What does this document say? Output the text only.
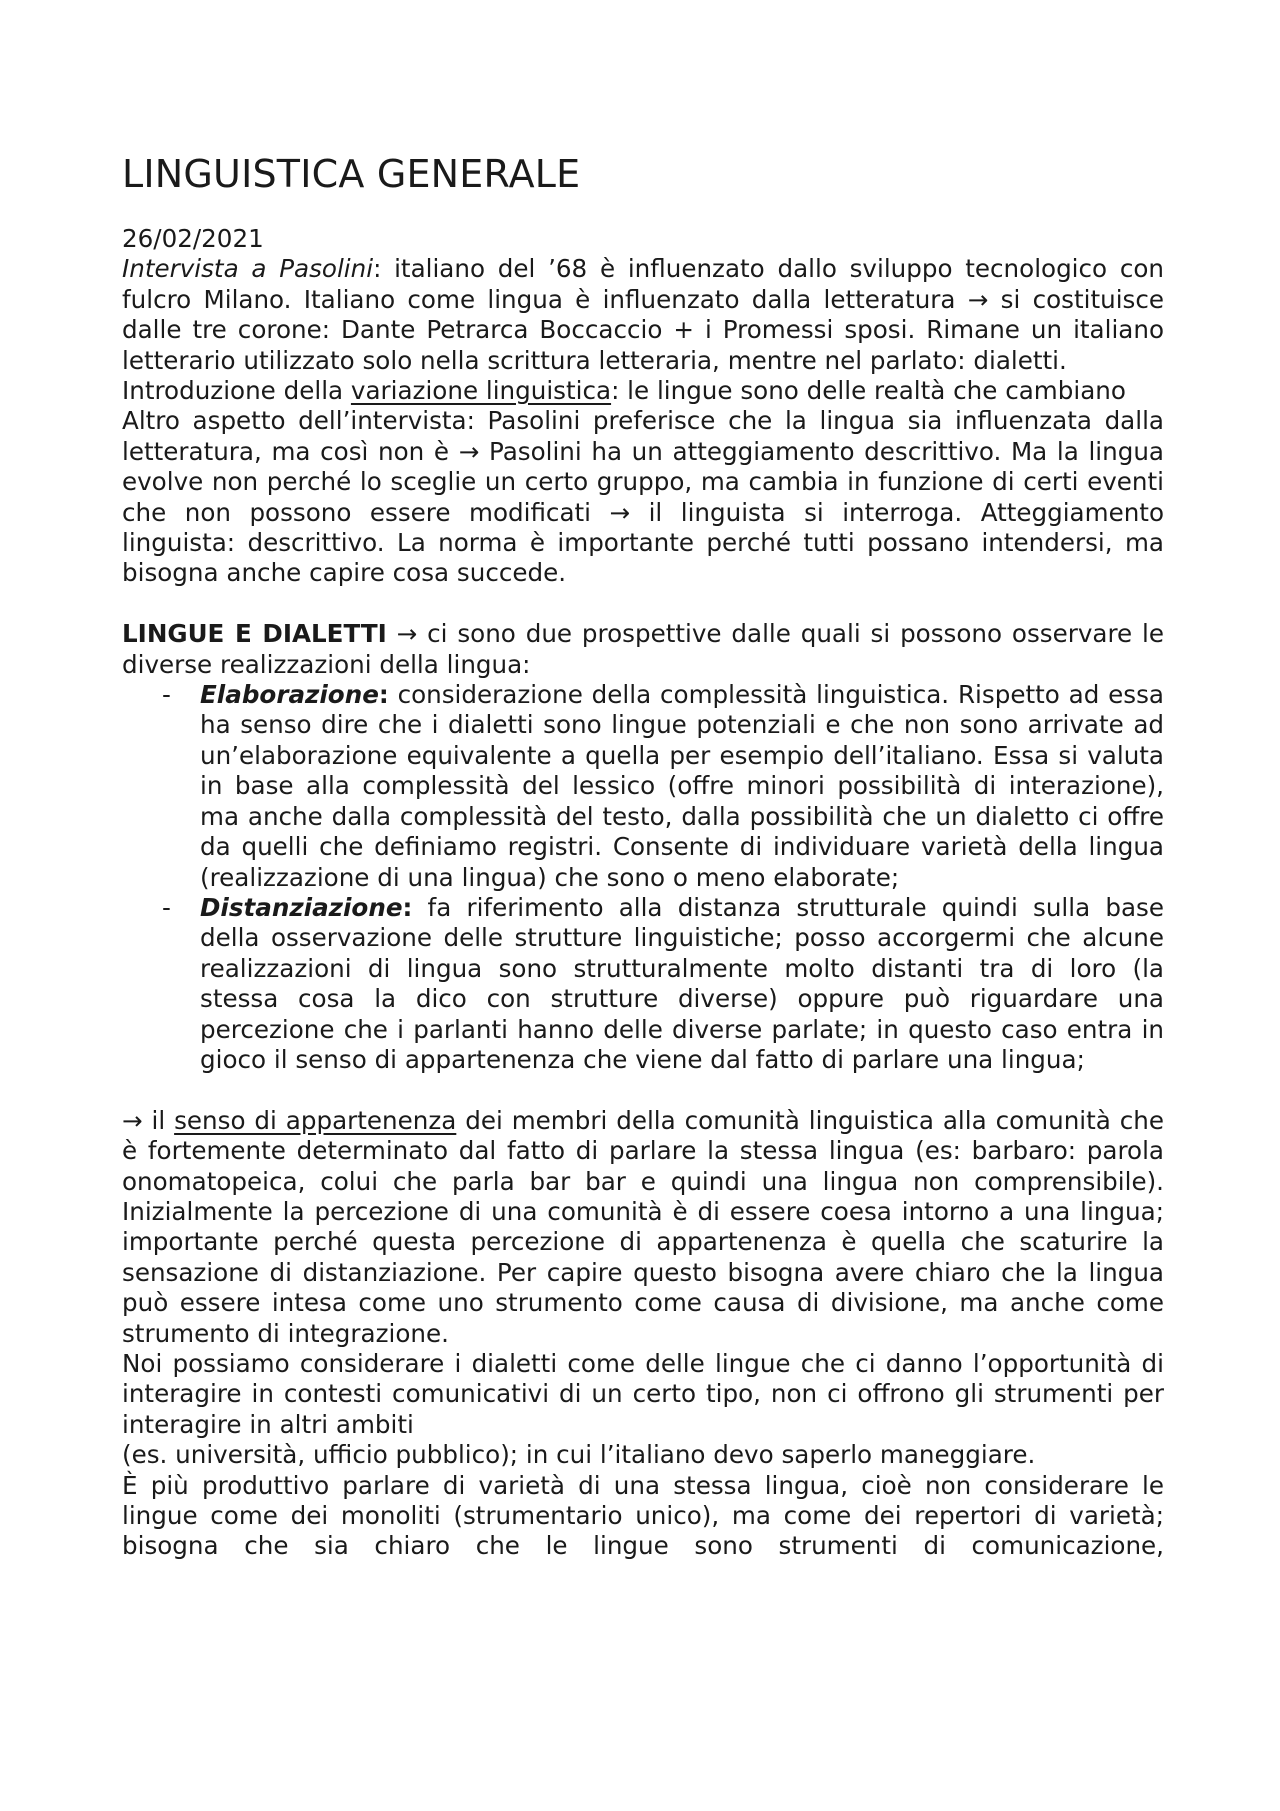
LINGUISTICA GENERALE

26/02/2021

Intervista a Pasolini: italiano del ’68 è influenzato dallo sviluppo tecnologico con fulcro Milano. Italiano come lingua è influenzato dalla letteratura → si costituisce dalle tre corone: Dante Petrarca Boccaccio + i Promessi sposi. Rimane un italiano letterario utilizzato solo nella scrittura letteraria, mentre nel parlato: dialetti.

Introduzione della variazione linguistica: le lingue sono delle realtà che cambiano

Altro aspetto dell’intervista: Pasolini preferisce che la lingua sia influenzata dalla letteratura, ma così non è → Pasolini ha un atteggiamento descrittivo. Ma la lingua evolve non perché lo sceglie un certo gruppo, ma cambia in funzione di certi eventi che non possono essere modificati → il linguista si interroga. Atteggiamento linguista: descrittivo. La norma è importante perché tutti possano intendersi, ma bisogna anche capire cosa succede.

LINGUE E DIALETTI → ci sono due prospettive dalle quali si possono osservare le diverse realizzazioni della lingua:

- Elaborazione: considerazione della complessità linguistica. Rispetto ad essa ha senso dire che i dialetti sono lingue potenziali e che non sono arrivate ad un’elaborazione equivalente a quella per esempio dell’italiano. Essa si valuta in base alla complessità del lessico (offre minori possibilità di interazione), ma anche dalla complessità del testo, dalla possibilità che un dialetto ci offre da quelli che definiamo registri. Consente di individuare varietà della lingua (realizzazione di una lingua) che sono o meno elaborate;
- Distanziazione: fa riferimento alla distanza strutturale quindi sulla base della osservazione delle strutture linguistiche; posso accorgermi che alcune realizzazioni di lingua sono strutturalmente molto distanti tra di loro (la stessa cosa la dico con strutture diverse) oppure può riguardare una percezione che i parlanti hanno delle diverse parlate; in questo caso entra in gioco il senso di appartenenza che viene dal fatto di parlare una lingua;

→ il senso di appartenenza dei membri della comunità linguistica alla comunità che è fortemente determinato dal fatto di parlare la stessa lingua (es: barbaro: parola onomatopeica, colui che parla bar bar e quindi una lingua non comprensibile). Inizialmente la percezione di una comunità è di essere coesa intorno a una lingua; importante perché questa percezione di appartenenza è quella che scaturire la sensazione di distanziazione. Per capire questo bisogna avere chiaro che la lingua può essere intesa come uno strumento come causa di divisione, ma anche come strumento di integrazione.

Noi possiamo considerare i dialetti come delle lingue che ci danno l’opportunità di interagire in contesti comunicativi di un certo tipo, non ci offrono gli strumenti per interagire in altri ambiti

(es. università, ufficio pubblico); in cui l’italiano devo saperlo maneggiare.

È più produttivo parlare di varietà di una stessa lingua, cioè non considerare le lingue come dei monoliti (strumentario unico), ma come dei repertori di varietà; bisogna che sia chiaro che le lingue sono strumenti di comunicazione,
